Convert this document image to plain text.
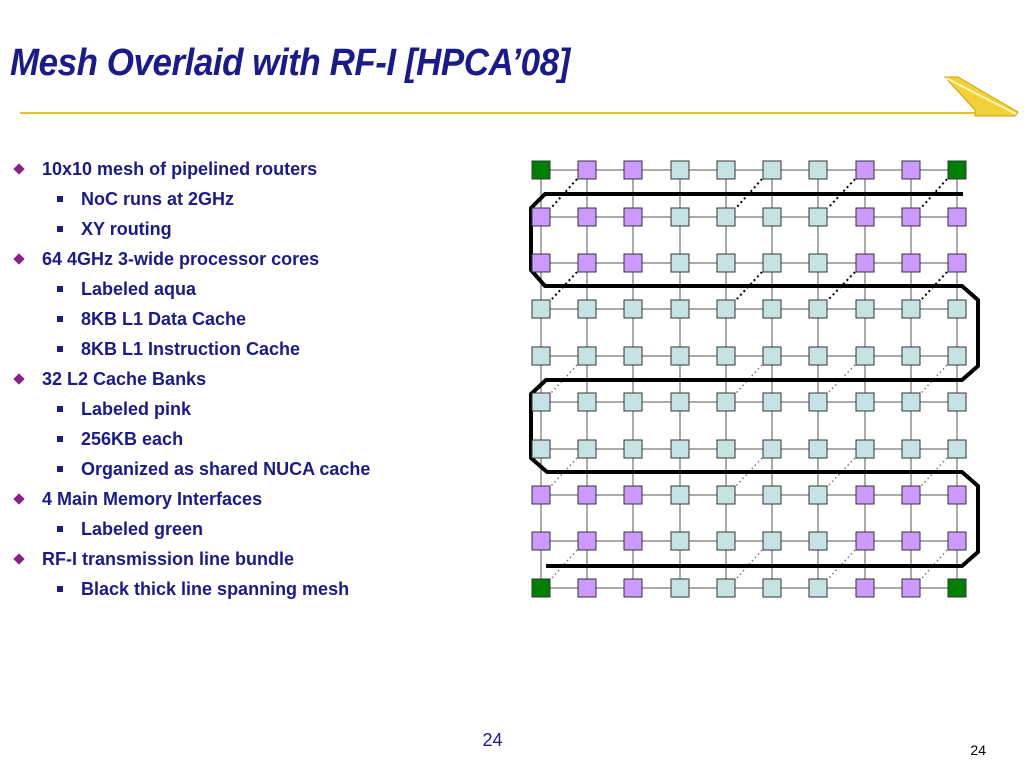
Mesh Overlaid with RF-I [HPCA’08]
10x10 mesh of pipelined routers
NoC runs at 2GHz
XY routing
64 4GHz 3-wide processor cores
Labeled aqua
8KB L1 Data Cache
8KB L1 Instruction Cache
32 L2 Cache Banks
Labeled pink
256KB each
Organized as shared NUCA cache
4 Main Memory Interfaces
Labeled green
RF-I transmission line bundle
Black thick line spanning mesh
24	24
